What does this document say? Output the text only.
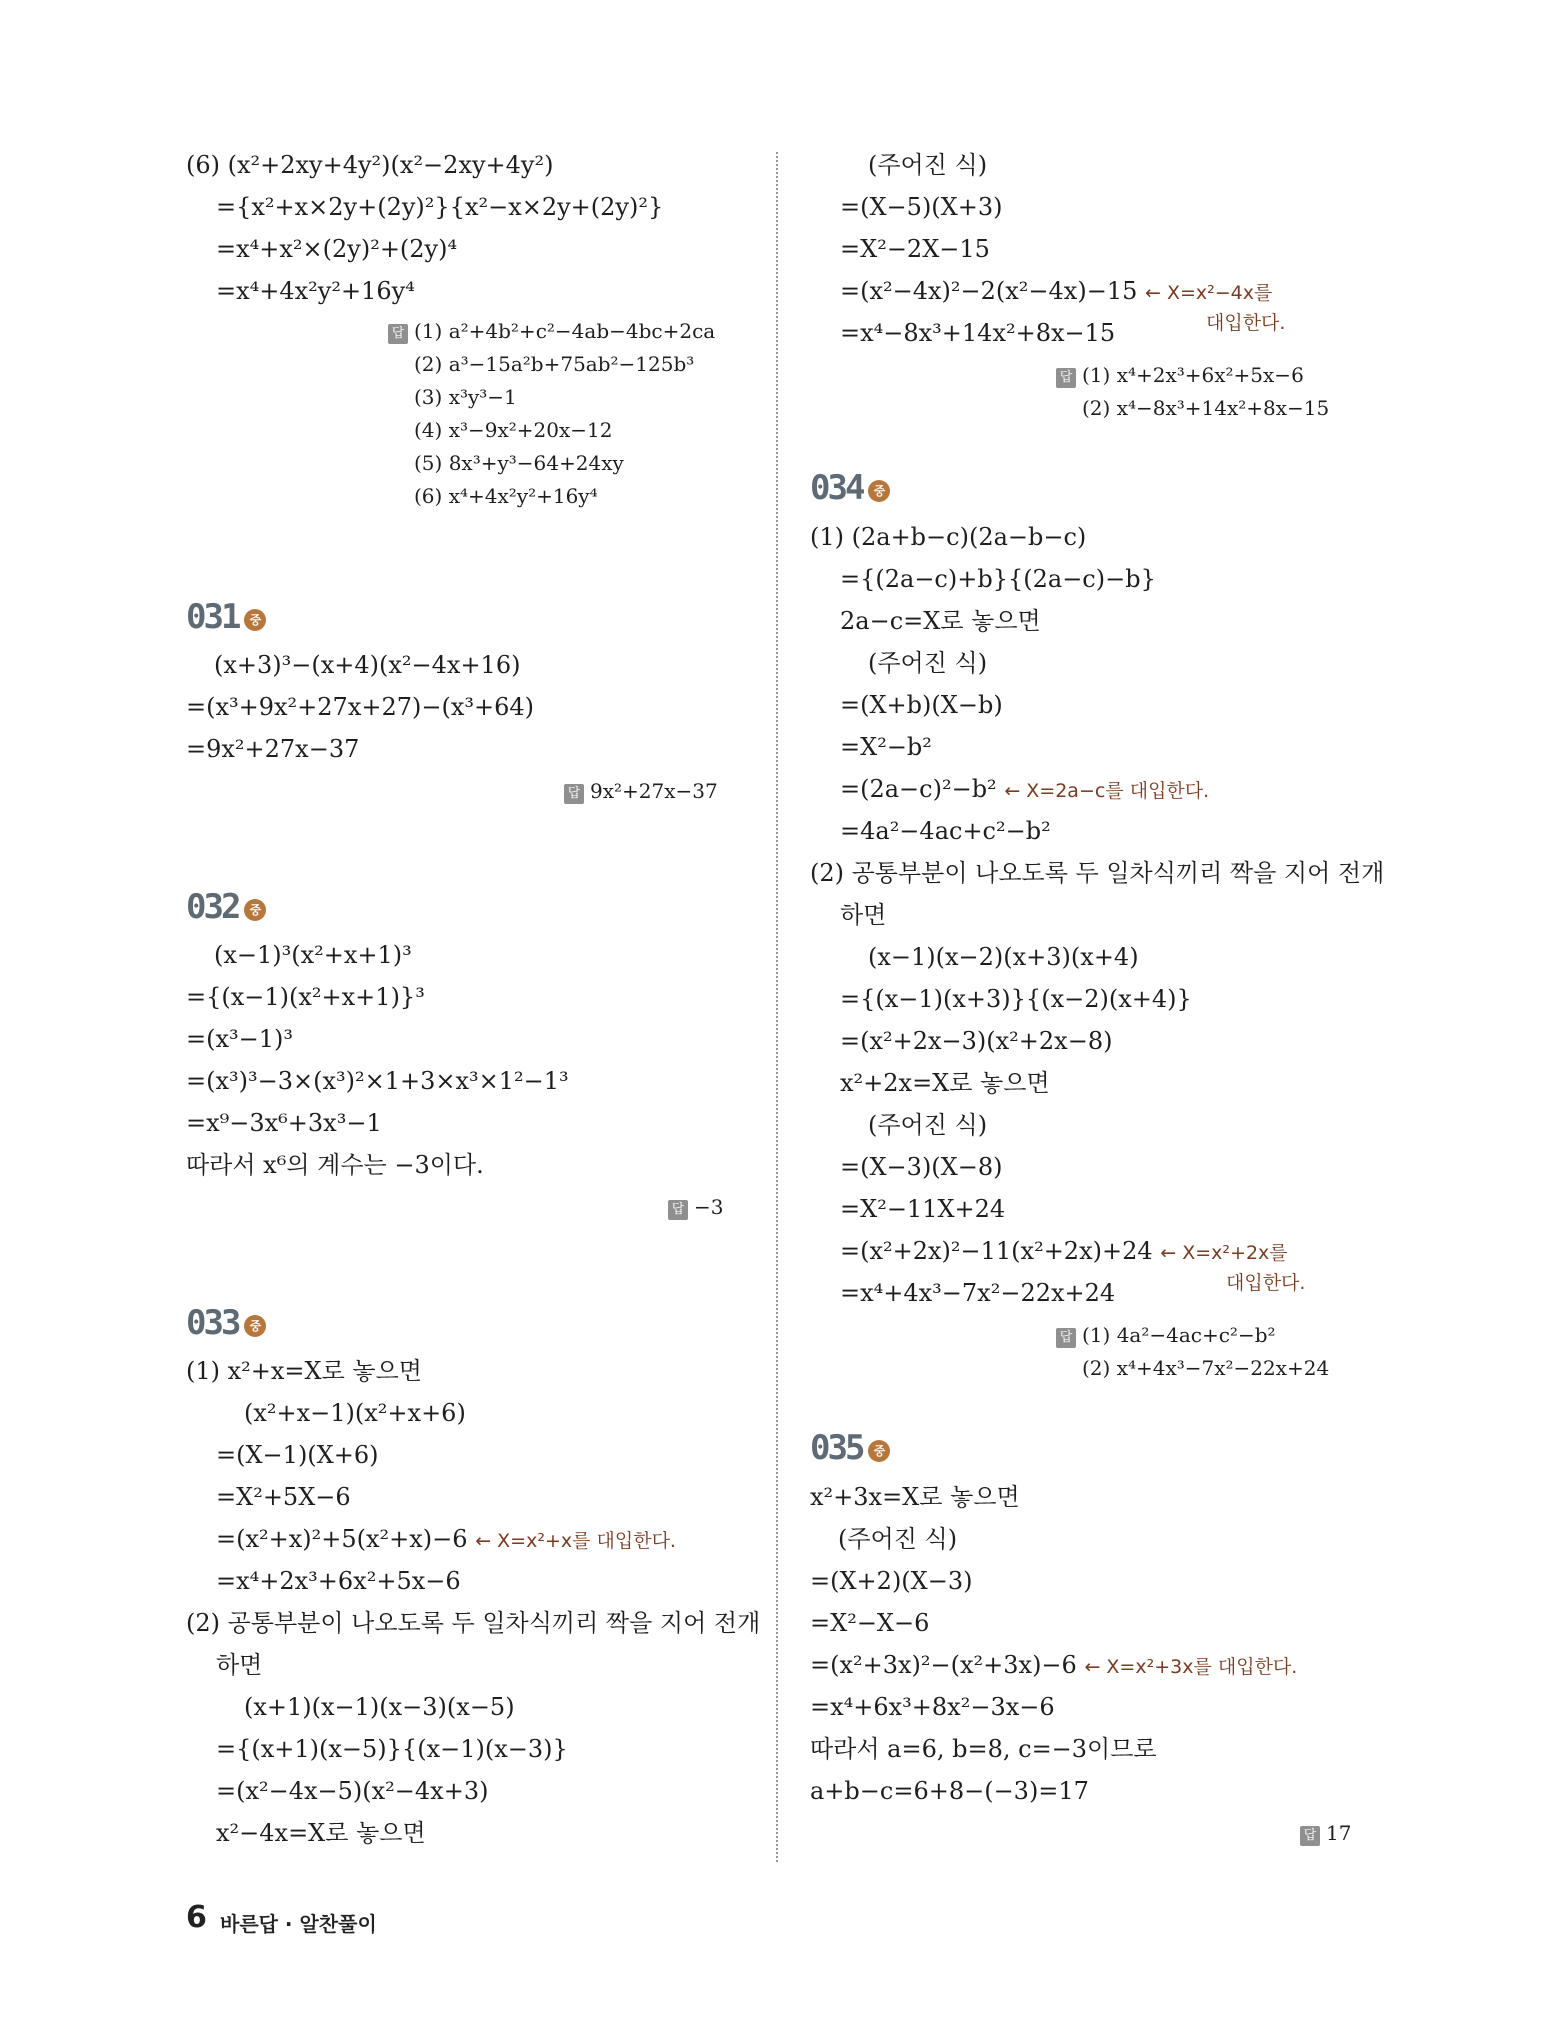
(6) (x²+2xy+4y²)(x²−2xy+4y²)
={x²+x×2y+(2y)²}{x²−x×2y+(2y)²}
=x⁴+x²×(2y)²+(2y)⁴
=x⁴+4x²y²+16y⁴
답 (1) a²+4b²+c²−4ab−4bc+2ca
(2) a³−15a²b+75ab²−125b³
(3) x³y³−1
(4) x³−9x²+20x−12
(5) 8x³+y³−64+24xy
(6) x⁴+4x²y²+16y⁴
031 중
(x+3)³−(x+4)(x²−4x+16)
=(x³+9x²+27x+27)−(x³+64)
=9x²+27x−37
답 9x²+27x−37
032 중
(x−1)³(x²+x+1)³
={(x−1)(x²+x+1)}³
=(x³−1)³
=(x³)³−3×(x³)²×1+3×x³×1²−1³
=x⁹−3x⁶+3x³−1
따라서 x⁶의 계수는 −3이다.
답 −3
033 중
(1) x²+x=X로 놓으면
(x²+x−1)(x²+x+6)
=(X−1)(X+6)
=X²+5X−6
=(x²+x)²+5(x²+x)−6 ← X=x²+x를 대입한다.
=x⁴+2x³+6x²+5x−6
(2) 공통부분이 나오도록 두 일차식끼리 짝을 지어 전개
하면
(x+1)(x−1)(x−3)(x−5)
={(x+1)(x−5)}{(x−1)(x−3)}
=(x²−4x−5)(x²−4x+3)
x²−4x=X로 놓으면
(주어진 식)
=(X−5)(X+3)
=X²−2X−15
=(x²−4x)²−2(x²−4x)−15 ← X=x²−4x를
대입한다.
=x⁴−8x³+14x²+8x−15
답 (1) x⁴+2x³+6x²+5x−6
(2) x⁴−8x³+14x²+8x−15
034 중
(1) (2a+b−c)(2a−b−c)
={(2a−c)+b}{(2a−c)−b}
2a−c=X로 놓으면
(주어진 식)
=(X+b)(X−b)
=X²−b²
=(2a−c)²−b² ← X=2a−c를 대입한다.
=4a²−4ac+c²−b²
(2) 공통부분이 나오도록 두 일차식끼리 짝을 지어 전개
하면
(x−1)(x−2)(x+3)(x+4)
={(x−1)(x+3)}{(x−2)(x+4)}
=(x²+2x−3)(x²+2x−8)
x²+2x=X로 놓으면
(주어진 식)
=(X−3)(X−8)
=X²−11X+24
=(x²+2x)²−11(x²+2x)+24 ← X=x²+2x를
대입한다.
=x⁴+4x³−7x²−22x+24
답 (1) 4a²−4ac+c²−b²
(2) x⁴+4x³−7x²−22x+24
035 중
x²+3x=X로 놓으면
(주어진 식)
=(X+2)(X−3)
=X²−X−6
=(x²+3x)²−(x²+3x)−6 ← X=x²+3x를 대입한다.
=x⁴+6x³+8x²−3x−6
따라서 a=6, b=8, c=−3이므로
a+b−c=6+8−(−3)=17
답 17
6 바른답 · 알찬풀이
